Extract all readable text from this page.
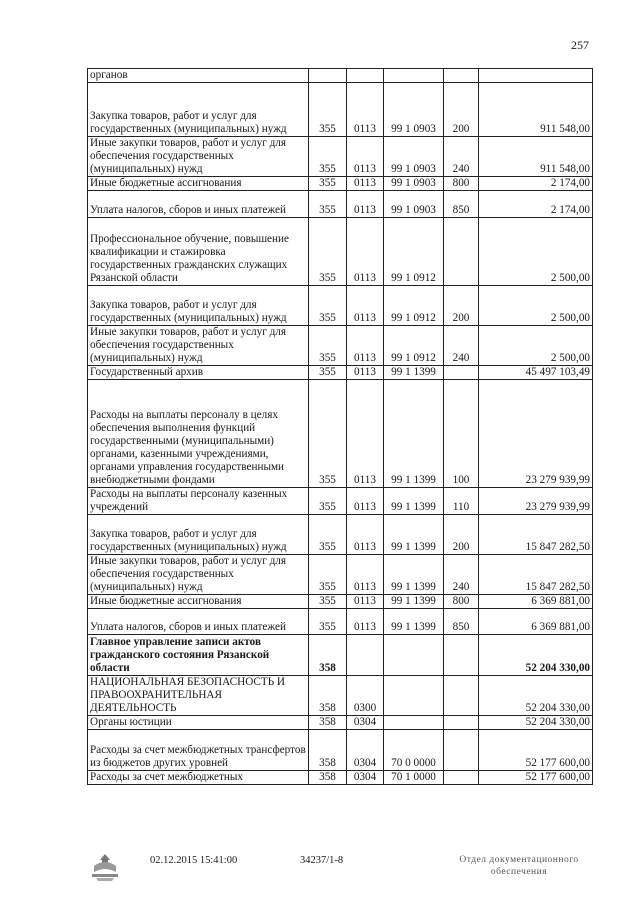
257
органов					
Закупка товаров, работ и услуг для государственных (муниципальных) нужд	355	0113	99 1 0903	200	911 548,00
Иные закупки товаров, работ и услуг для обеспечения государственных (муниципальных) нужд	355	0113	99 1 0903	240	911 548,00
Иные бюджетные ассигнования	355	0113	99 1 0903	800	2 174,00
Уплата налогов, сборов и иных платежей	355	0113	99 1 0903	850	2 174,00
Профессиональное обучение, повышение квалификации и стажировка государственных гражданских служащих Рязанской области	355	0113	99 1 0912		2 500,00
Закупка товаров, работ и услуг для государственных (муниципальных) нужд	355	0113	99 1 0912	200	2 500,00
Иные закупки товаров, работ и услуг для обеспечения государственных (муниципальных) нужд	355	0113	99 1 0912	240	2 500,00
Государственный архив	355	0113	99 1 1399		45 497 103,49
Расходы на выплаты персоналу в целях обеспечения выполнения функций государственными (муниципальными) органами, казенными учреждениями, органами управления государственными внебюджетными фондами	355	0113	99 1 1399	100	23 279 939,99
Расходы на выплаты персоналу казенных учреждений	355	0113	99 1 1399	110	23 279 939,99
Закупка товаров, работ и услуг для государственных (муниципальных) нужд	355	0113	99 1 1399	200	15 847 282,50
Иные закупки товаров, работ и услуг для обеспечения государственных (муниципальных) нужд	355	0113	99 1 1399	240	15 847 282,50
Иные бюджетные ассигнования	355	0113	99 1 1399	800	6 369 881,00
Уплата налогов, сборов и иных платежей	355	0113	99 1 1399	850	6 369 881,00
Главное управление записи актов гражданского состояния Рязанской области	358				52 204 330,00
НАЦИОНАЛЬНАЯ БЕЗОПАСНОСТЬ И ПРАВООХРАНИТЕЛЬНАЯ ДЕЯТЕЛЬНОСТЬ	358	0300			52 204 330,00
Органы юстиции	358	0304			52 204 330,00
Расходы за счет межбюджетных трансфертов из бюджетов других уровней	358	0304	70 0 0000		52 177 600,00
Расходы за счет межбюджетных	358	0304	70 1 0000		52 177 600,00
02.12.2015 15:41:00	34237/1-8	Отдел документационного
обеспечения
